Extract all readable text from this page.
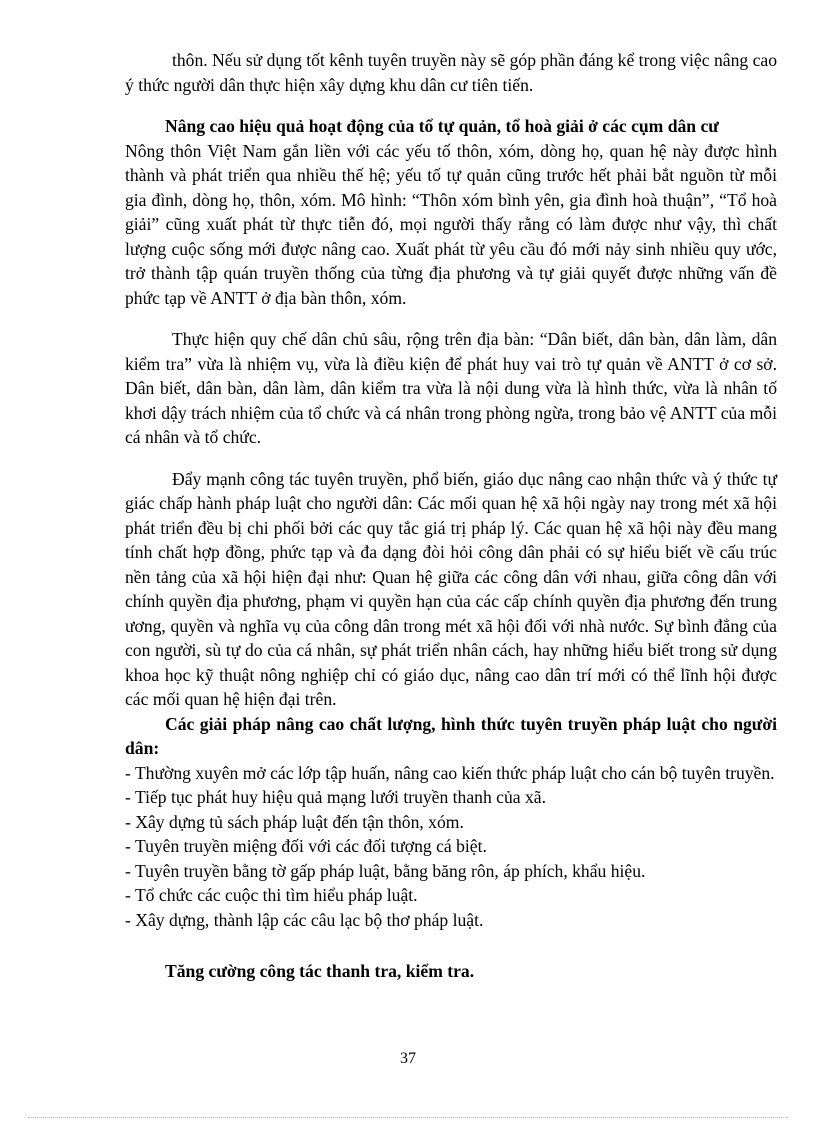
thôn. Nếu sử dụng tốt kênh tuyên truyền này sẽ góp phần đáng kể trong việc nâng cao ý thức người dân thực hiện xây dựng khu dân cư tiên tiến.

Nâng cao hiệu quả hoạt động của tổ tự quản, tổ hoà giải ở các cụm dân cư

Nông thôn Việt Nam gắn liền với các yếu tố thôn, xóm, dòng họ, quan hệ này được hình thành và phát triển qua nhiều thế hệ; yếu tố tự quản cũng trước hết phải bắt nguồn từ mỗi gia đình, dòng họ, thôn, xóm. Mô hình: “Thôn xóm bình yên, gia đình hoà thuận”, “Tổ hoà giải” cũng xuất phát từ thực tiễn đó, mọi người thấy rằng có làm được như vậy, thì chất lượng cuộc sống mới được nâng cao. Xuất phát từ yêu cầu đó mới nảy sinh nhiều quy ước, trở thành tập quán truyền thống của từng địa phương và tự giải quyết được những vấn đề phức tạp về ANTT ở địa bàn thôn, xóm.

Thực hiện quy chế dân chủ sâu, rộng trên địa bàn: “Dân biết, dân bàn, dân làm, dân kiểm tra” vừa là nhiệm vụ, vừa là điều kiện để phát huy vai trò tự quản về ANTT ở cơ sở. Dân biết, dân bàn, dân làm, dân kiểm tra vừa là nội dung vừa là hình thức, vừa là nhân tố khơi dậy trách nhiệm của tổ chức và cá nhân trong phòng ngừa, trong bảo vệ ANTT của mỗi cá nhân và tổ chức.

Đẩy mạnh công tác tuyên truyền, phổ biến, giáo dục nâng cao nhận thức và ý thức tự giác chấp hành pháp luật cho người dân: Các mối quan hệ xã hội ngày nay trong mét xã hội phát triển đều bị chi phối bởi các quy tắc giá trị pháp lý. Các quan hệ xã hội này đều mang tính chất hợp đồng, phức tạp và đa dạng đòi hỏi công dân phải có sự hiểu biết về cấu trúc nền tảng của xã hội hiện đại như: Quan hệ giữa các công dân với nhau, giữa công dân với chính quyền địa phương, phạm vi quyền hạn của các cấp chính quyền địa phương đến trung ương, quyền và nghĩa vụ của công dân trong mét xã hội đối với nhà nước. Sự bình đẳng của con người, sù tự do của cá nhân, sự phát triển nhân cách, hay những hiểu biết trong sử dụng khoa học kỹ thuật nông nghiệp chỉ có giáo dục, nâng cao dân trí mới có thể lĩnh hội được các mối quan hệ hiện đại trên.

Các giải pháp nâng cao chất lượng, hình thức tuyên truyền pháp luật cho người dân:

- Thường xuyên mở các lớp tập huấn, nâng cao kiến thức pháp luật cho cán bộ tuyên truyền.

- Tiếp tục phát huy hiệu quả mạng lưới truyền thanh của xã.

- Xây dựng tủ sách pháp luật đến tận thôn, xóm.

- Tuyên truyền miệng đối với các đối tượng cá biệt.

- Tuyên truyền bằng tờ gấp pháp luật, bằng băng rôn, áp phích, khẩu hiệu.

- Tổ chức các cuộc thi tìm hiểu pháp luật.

- Xây dựng, thành lập các câu lạc bộ thơ pháp luật.

Tăng cường công tác thanh tra, kiểm tra.

37
